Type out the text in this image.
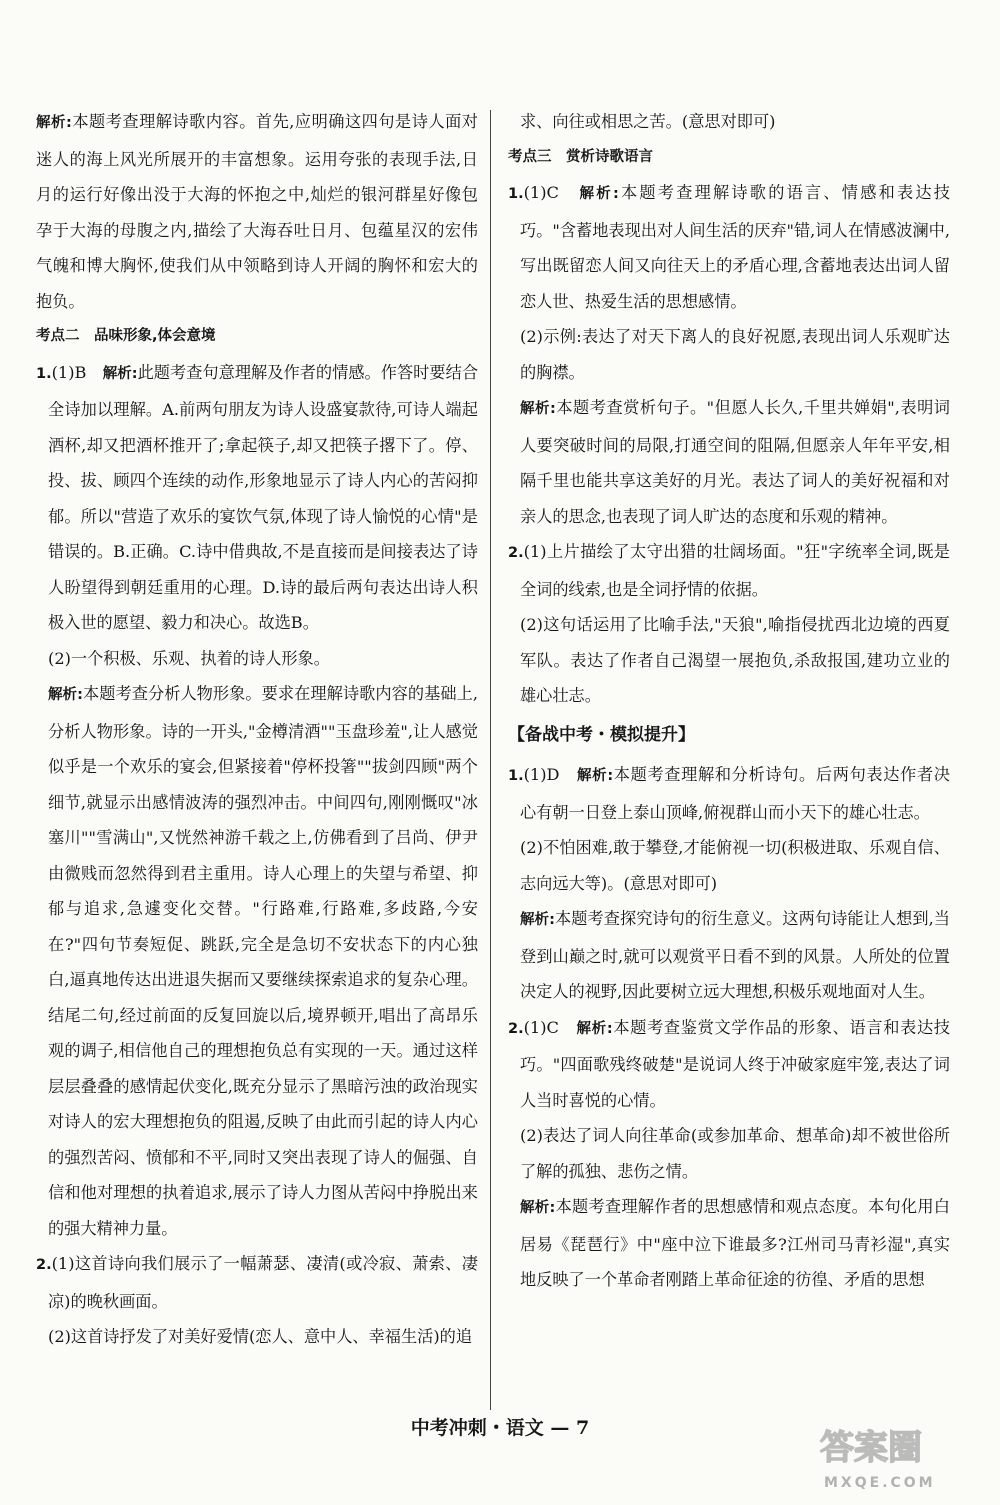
解析:本题考查理解诗歌内容。首先,应明确这四句是诗人面对迷人的海上风光所展开的丰富想象。运用夸张的表现手法,日月的运行好像出没于大海的怀抱之中,灿烂的银河群星好像包孕于大海的母腹之内,描绘了大海吞吐日月、包蕴星汉的宏伟气魄和博大胸怀,使我们从中领略到诗人开阔的胸怀和宏大的抱负。

考点二　品味形象,体会意境

1.(1)B　解析:此题考查句意理解及作者的情感。作答时要结合全诗加以理解。A.前两句朋友为诗人设盛宴款待,可诗人端起酒杯,却又把酒杯推开了;拿起筷子,却又把筷子撂下了。停、投、拔、顾四个连续的动作,形象地显示了诗人内心的苦闷抑郁。所以"营造了欢乐的宴饮气氛,体现了诗人愉悦的心情"是错误的。B.正确。C.诗中借典故,不是直接而是间接表达了诗人盼望得到朝廷重用的心理。D.诗的最后两句表达出诗人积极入世的愿望、毅力和决心。故选B。

(2)一个积极、乐观、执着的诗人形象。

解析:本题考查分析人物形象。要求在理解诗歌内容的基础上,分析人物形象。诗的一开头,"金樽清酒""玉盘珍羞",让人感觉似乎是一个欢乐的宴会,但紧接着"停杯投箸""拔剑四顾"两个细节,就显示出感情波涛的强烈冲击。中间四句,刚刚慨叹"冰塞川""雪满山",又恍然神游千载之上,仿佛看到了吕尚、伊尹由微贱而忽然得到君主重用。诗人心理上的失望与希望、抑郁与追求,急遽变化交替。"行路难,行路难,多歧路,今安在?"四句节奏短促、跳跃,完全是急切不安状态下的内心独白,逼真地传达出进退失据而又要继续探索追求的复杂心理。结尾二句,经过前面的反复回旋以后,境界顿开,唱出了高昂乐观的调子,相信他自己的理想抱负总有实现的一天。通过这样层层叠叠的感情起伏变化,既充分显示了黑暗污浊的政治现实对诗人的宏大理想抱负的阻遏,反映了由此而引起的诗人内心的强烈苦闷、愤郁和不平,同时又突出表现了诗人的倔强、自信和他对理想的执着追求,展示了诗人力图从苦闷中挣脱出来的强大精神力量。

2.(1)这首诗向我们展示了一幅萧瑟、凄清(或冷寂、萧索、凄凉)的晚秋画面。

(2)这首诗抒发了对美好爱情(恋人、意中人、幸福生活)的追

求、向往或相思之苦。(意思对即可)

考点三　赏析诗歌语言

1.(1)C　解析:本题考查理解诗歌的语言、情感和表达技巧。"含蓄地表现出对人间生活的厌弃"错,词人在情感波澜中,写出既留恋人间又向往天上的矛盾心理,含蓄地表达出词人留恋人世、热爱生活的思想感情。

(2)示例:表达了对天下离人的良好祝愿,表现出词人乐观旷达的胸襟。

解析:本题考查赏析句子。"但愿人长久,千里共婵娟",表明词人要突破时间的局限,打通空间的阻隔,但愿亲人年年平安,相隔千里也能共享这美好的月光。表达了词人的美好祝福和对亲人的思念,也表现了词人旷达的态度和乐观的精神。

2.(1)上片描绘了太守出猎的壮阔场面。"狂"字统率全词,既是全词的线索,也是全词抒情的依据。

(2)这句话运用了比喻手法,"天狼",喻指侵扰西北边境的西夏军队。表达了作者自己渴望一展抱负,杀敌报国,建功立业的雄心壮志。

【备战中考・模拟提升】

1.(1)D　解析:本题考查理解和分析诗句。后两句表达作者决心有朝一日登上泰山顶峰,俯视群山而小天下的雄心壮志。

(2)不怕困难,敢于攀登,才能俯视一切(积极进取、乐观自信、志向远大等)。(意思对即可)

解析:本题考查探究诗句的衍生意义。这两句诗能让人想到,当登到山巅之时,就可以观赏平日看不到的风景。人所处的位置决定人的视野,因此要树立远大理想,积极乐观地面对人生。

2.(1)C　解析:本题考查鉴赏文学作品的形象、语言和表达技巧。"四面歌残终破楚"是说词人终于冲破家庭牢笼,表达了词人当时喜悦的心情。

(2)表达了词人向往革命(或参加革命、想革命)却不被世俗所了解的孤独、悲伤之情。

解析:本题考查理解作者的思想感情和观点态度。本句化用白居易《琵琶行》中"座中泣下谁最多?江州司马青衫湿",真实地反映了一个革命者刚踏上革命征途的彷徨、矛盾的思想

中考冲刺・语文 — 7	答案圈
MXQE.COM
